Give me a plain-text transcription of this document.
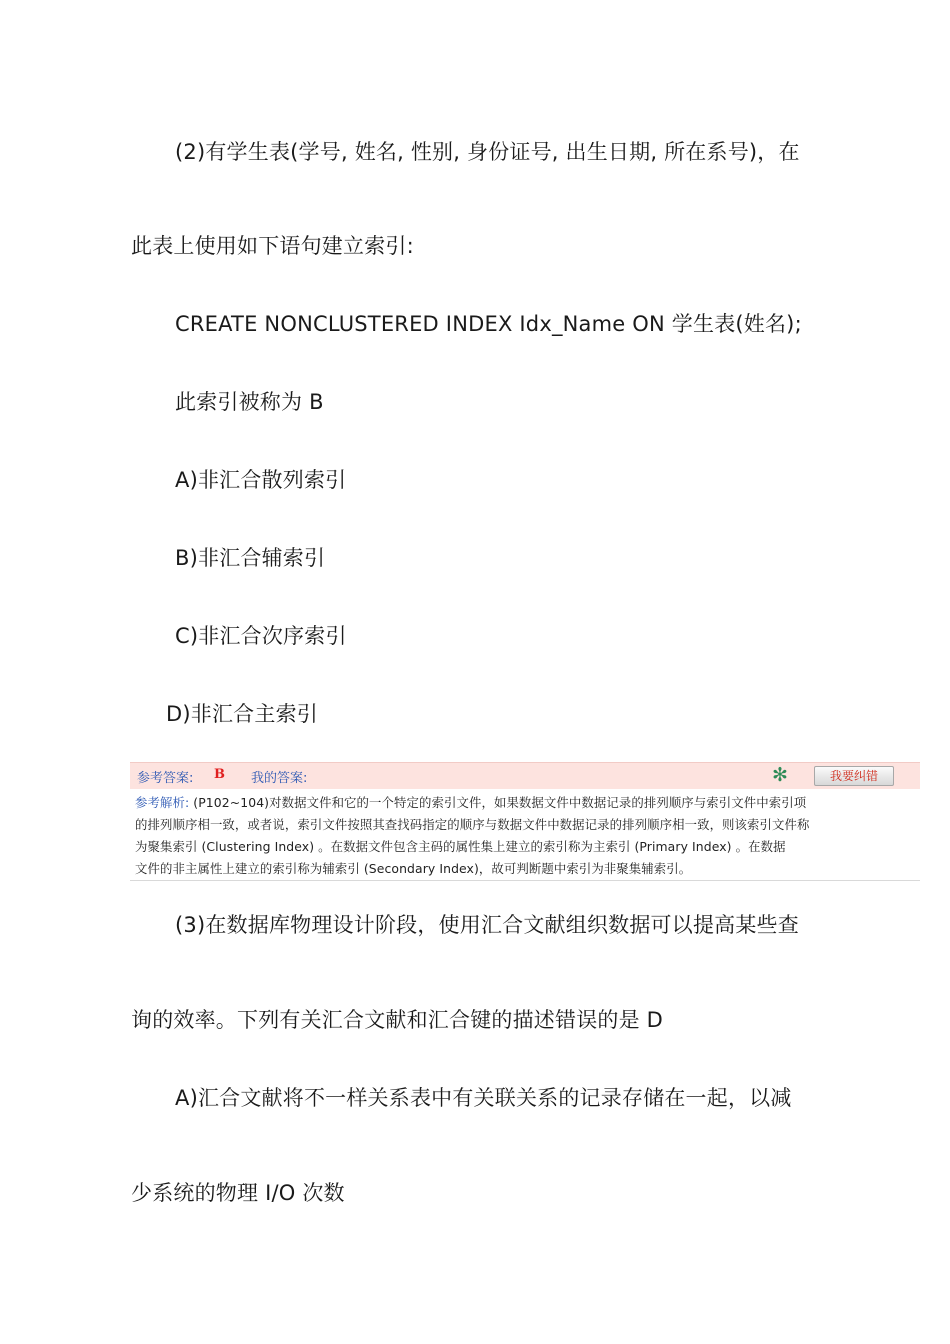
(2)有学生表(学号, 姓名, 性别, 身份证号, 出生日期, 所在系号)，在
此表上使用如下语句建立索引:
CREATE NONCLUSTERED INDEX Idx_Name ON 学生表(姓名);
此索引被称为 B
A)非汇合散列索引
B)非汇合辅索引
C)非汇合次序索引
D)非汇合主索引
参考答案: B 我的答案:	✻	我要纠错
参考解析: (P102~104)对数据文件和它的一个特定的索引文件，如果数据文件中数据记录的排列顺序与索引文件中索引项
的排列顺序相一致，或者说，索引文件按照其查找码指定的顺序与数据文件中数据记录的排列顺序相一致，则该索引文件称
为聚集索引 (Clustering Index) 。在数据文件包含主码的属性集上建立的索引称为主索引 (Primary Index) 。在数据
文件的非主属性上建立的索引称为辅索引 (Secondary Index)，故可判断题中索引为非聚集辅索引。
(3)在数据库物理设计阶段，使用汇合文献组织数据可以提高某些查
询的效率。下列有关汇合文献和汇合键的描述错误的是 D
A)汇合文献将不一样关系表中有关联关系的记录存储在一起，以减
少系统的物理 I/O 次数
